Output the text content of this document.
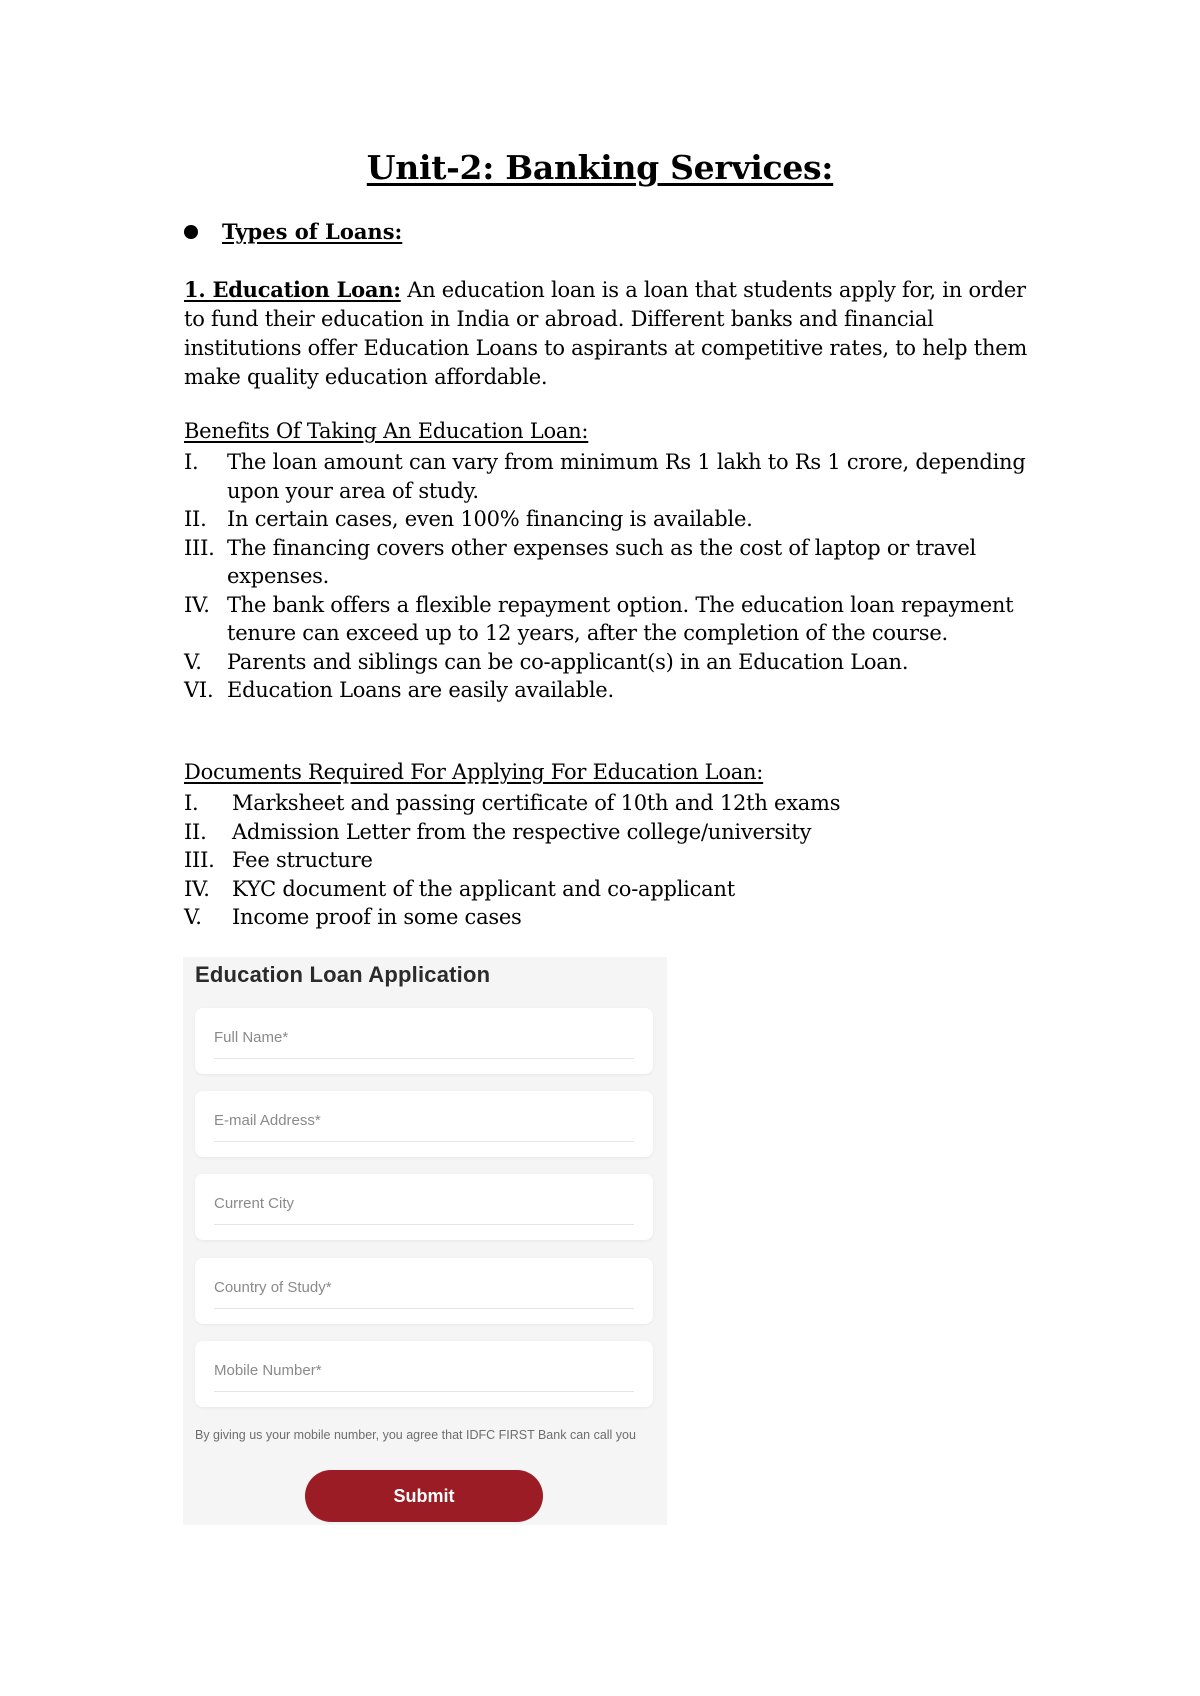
Unit-2: Banking Services:
Types of Loans:
1. Education Loan: An education loan is a loan that students apply for, in order to fund their education in India or abroad. Different banks and financial institutions offer Education Loans to aspirants at competitive rates, to help them make quality education affordable.
Benefits Of Taking An Education Loan:
I.	The loan amount can vary from minimum Rs 1 lakh to Rs 1 crore, depending upon your area of study.
II. In certain cases, even 100% financing is available.
III. The financing covers other expenses such as the cost of laptop or travel expenses.
IV. The bank offers a flexible repayment option. The education loan repayment tenure can exceed up to 12 years, after the completion of the course.
V.	Parents and siblings can be co-applicant(s) in an Education Loan.
VI. Education Loans are easily available.
Documents Required For Applying For Education Loan:
I.	Marksheet and passing certificate of 10th and 12th exams
II.	Admission Letter from the respective college/university
III. Fee structure
IV.	KYC document of the applicant and co-applicant
V.	Income proof in some cases
Education Loan Application
Full Name*
E-mail Address*
Current City
Country of Study*
Mobile Number*
By giving us your mobile number, you agree that IDFC FIRST Bank can call you
Submit
